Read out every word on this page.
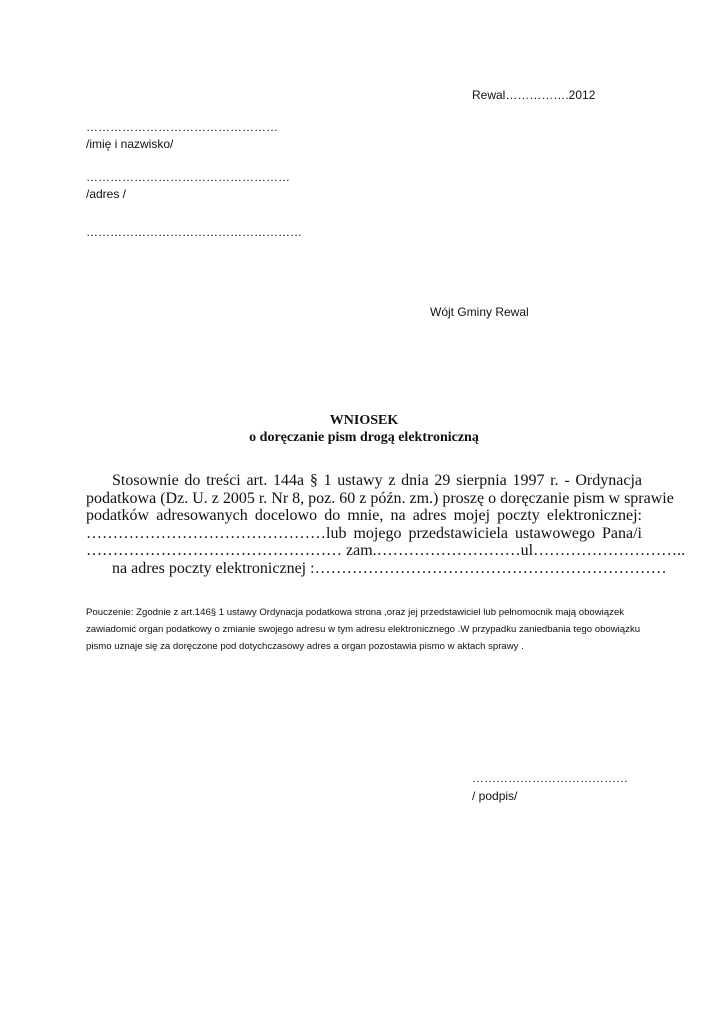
Rewal…………….2012
…………………………………………
/imię i nazwisko/
……………………………………………
/adres /
………………………………………………
Wójt Gminy Rewal
WNIOSEK
o doręczanie pism drogą elektroniczną
Stosownie do treści art. 144a § 1 ustawy z dnia 29 sierpnia 1997 r. - Ordynacja
podatkowa (Dz. U. z 2005 r. Nr 8, poz. 60 z późn. zm.) proszę o doręczanie pism w sprawie
podatków adresowanych docelowo do mnie, na adres mojej poczty elektronicznej:
………………………………………lub mojego przedstawiciela ustawowego Pana/i
………………………………………… zam.………………………ul………………………..
na adres poczty elektronicznej :…………………………………………………………
Pouczenie: Zgodnie z art.146§ 1 ustawy Ordynacja podatkowa strona ,oraz jej przedstawiciel lub pełnomocnik mają obowiązek zawiadomić organ podatkowy o zmianie swojego adresu w tym adresu elektronicznego .W przypadku zaniedbania tego obowiązku pismo uznaje się za doręczone pod dotychczasowy adres a organ pozostawia pismo w aktach sprawy .
…………………………………
/ podpis/
